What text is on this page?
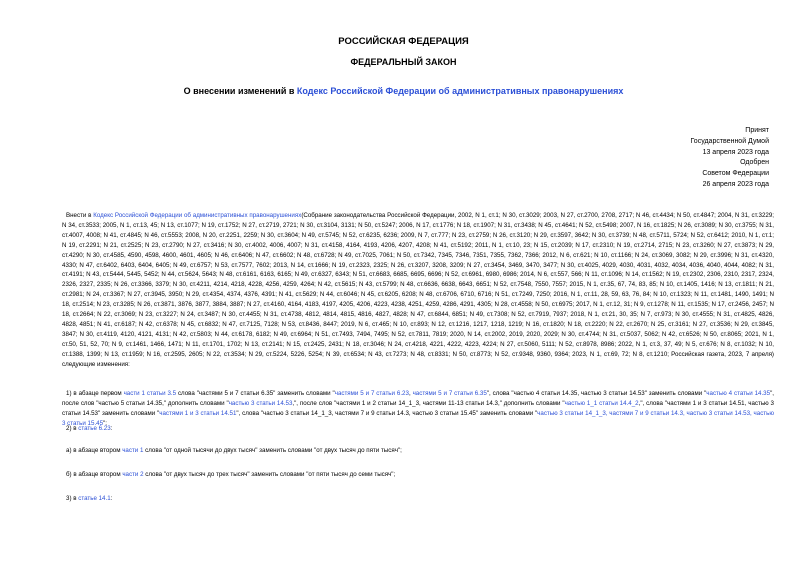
РОССИЙСКАЯ ФЕДЕРАЦИЯ
ФЕДЕРАЛЬНЫЙ ЗАКОН
О внесении изменений в Кодекс Российской Федерации об административных правонарушениях
Принят
Государственной Думой
13 апреля 2023 года
Одобрен
Советом Федерации
26 апреля 2023 года

Внести в Кодекс Российской Федерации об административных правонарушениях(Собрание законодательства Российской Федерации, 2002, N 1, ст.1; N 30, ст.3029; 2003, N 27, ст.2700, 2708, 2717; N 46, ст.4434; N 50, ст.4847; 2004, N 31, ст.3229; N 34, ст.3533; 2005, N 1, ст.13, 45; N 13, ст.1077; N 19, ст.1752; N 27, ст.2719, 2721; N 30, ст.3104, 3131; N 50, ст.5247; 2006, N 17, ст.1776; N 18, ст.1907; N 31, ст.3438; N 45, ст.4641; N 52, ст.5498; 2007, N 16, ст.1825; N 26, ст.3089; N 30, ст.3755; N 31, ст.4007, 4008; N 41, ст.4845; N 46, ст.5553; 2008, N 20, ст.2251, 2259; N 30, ст.3604; N 49, ст.5745; N 52, ст.6235, 6236; 2009, N 7, ст.777; N 23, ст.2759; N 26, ст.3120; N 29, ст.3597, 3642; N 30, ст.3739; N 48, ст.5711, 5724; N 52, ст.6412; 2010, N 1, ст.1; N 19, ст.2291; N 21, ст.2525; N 23, ст.2790; N 27, ст.3416; N 30, ст.4002, 4006, 4007; N 31, ст.4158, 4164, 4193, 4206, 4207, 4208; N 41, ст.5192; 2011, N 1, ст.10, 23; N 15, ст.2039; N 17, ст.2310; N 19, ст.2714, 2715; N 23, ст.3260; N 27, ст.3873; N 29, ст.4290; N 30, ст.4585, 4590, 4598, 4600, 4601, 4605; N 46, ст.6406; N 47, ст.6602; N 48, ст.6728; N 49, ст.7025, 7061; N 50, ст.7342, 7345, 7346, 7351, 7355, 7362, 7366; 2012, N 6, ст.621; N 10, ст.1166; N 24, ст.3069, 3082; N 29, ст.3996; N 31, ст.4320, 4330; N 47, ст.6402, 6403, 6404, 6405; N 49, ст.6757; N 53, ст.7577, 7602; 2013, N 14, ст.1666; N 19, ст.2323, 2325; N 26, ст.3207, 3208, 3209; N 27, ст.3454, 3469, 3470, 3477; N 30, ст.4025, 4029, 4030, 4031, 4032, 4034, 4036, 4040, 4044, 4082; N 31, ст.4191; N 43, ст.5444, 5445, 5452; N 44, ст.5624, 5643; N 48, ст.6161, 6163, 6165; N 49, ст.6327, 6343; N 51, ст.6683, 6685, 6695, 6696; N 52, ст.6961, 6980, 6986; 2014, N 6, ст.557, 566; N 11, ст.1096; N 14, ст.1562; N 19, ст.2302, 2306, 2310, 2317, 2324, 2326, 2327, 2335; N 26, ст.3366, 3379; N 30, ст.4211, 4214, 4218, 4228, 4256, 4259, 4264; N 42, ст.5615; N 43, ст.5799; N 48, ст.6636, 6638, 6643, 6651; N 52, ст.7548, 7550, 7557; 2015, N 1, ст.35, 67, 74, 83, 85; N 10, ст.1405, 1416; N 13, ст.1811; N 21, ст.2981; N 24, ст.3367; N 27, ст.3945, 3950; N 29, ст.4354, 4374, 4376, 4391; N 41, ст.5629; N 44, ст.6046; N 45, ст.6205, 6208; N 48, ст.6706, 6710, 6716; N 51, ст.7249, 7250; 2016, N 1, ст.11, 28, 59, 63, 76, 84; N 10, ст.1323; N 11, ст.1481, 1490, 1491; N 18, ст.2514; N 23, ст.3285; N 26, ст.3871, 3876, 3877, 3884, 3887; N 27, ст.4160, 4164, 4183, 4197, 4205, 4206, 4223, 4238, 4251, 4259, 4286, 4291, 4305; N 28, ст.4558; N 50, ст.6975; 2017, N 1, ст.12, 31; N 9, ст.1278; N 11, ст.1535; N 17, ст.2456, 2457; N 18, ст.2664; N 22, ст.3069; N 23, ст.3227; N 24, ст.3487; N 30, ст.4455; N 31, ст.4738, 4812, 4814, 4815, 4816, 4827, 4828; N 47, ст.6844, 6851; N 49, ст.7308; N 52, ст.7919, 7937; 2018, N 1, ст.21, 30, 35; N 7, ст.973; N 30, ст.4555; N 31, ст.4825, 4826, 4828, 4851; N 41, ст.6187; N 42, ст.6378; N 45, ст.6832; N 47, ст.7125, 7128; N 53, ст.8436, 8447; 2019, N 6, ст.465; N 10, ст.893; N 12, ст.1216, 1217, 1218, 1219; N 16, ст.1820; N 18, ст.2220; N 22, ст.2670; N 25, ст.3161; N 27, ст.3536; N 29, ст.3845, 3847; N 30, ст.4119, 4120, 4121, 4131; N 42, ст.5803; N 44, ст.6178, 6182; N 49, ст.6964; N 51, ст.7493, 7494, 7495; N 52, ст.7811, 7819; 2020, N 14, ст.2002, 2019, 2020, 2029; N 30, ст.4744; N 31, ст.5037, 5062; N 42, ст.6526; N 50, ст.8065; 2021, N 1, ст.50, 51, 52, 70; N 9, ст.1461, 1466, 1471; N 11, ст.1701, 1702; N 13, ст.2141; N 15, ст.2425, 2431; N 18, ст.3046; N 24, ст.4218, 4221, 4222, 4223, 4224; N 27, ст.5060, 5111; N 52, ст.8978, 8986; 2022, N 1, ст.3, 37, 49; N 5, ст.676; N 8, ст.1032; N 10, ст.1388, 1399; N 13, ст.1959; N 16, ст.2595, 2605; N 22, ст.3534; N 29, ст.5224, 5226, 5254; N 39, ст.6534; N 43, ст.7273; N 48, ст.8331; N 50, ст.8773; N 52, ст.9348, 9360, 9364; 2023, N 1, ст.69, 72; N 8, ст.1210; Российская газета, 2023, 7 апреля) следующие изменения:

1) в абзаце первом части 1 статьи 3.5 слова "частями 5 и 7 статьи 6.35" заменить словами "частями 5 и 7 статьи 6.23, частями 5 и 7 статьи 6.35", слова "частью 4 статьи 14.35, частью 3 статьи 14.53" заменить словами "частью 4 статьи 14.35", после слов "частью 5 статьи 14.35," дополнить словами "частью 3 статьи 14.53,", после слов "частями 1 и 2 статьи 14_1_3, частями 11-13 статьи 14.3," дополнить словами "частью 1_1 статьи 14.4_2,", слова "частями 1 и 3 статьи 14.51, частью 3 статьи 14.53" заменить словами "частями 1 и 3 статьи 14.51", слова "частью 3 статьи 14_1_3, частями 7 и 9 статьи 14.3, частью 3 статьи 15.45" заменить словами "частью 3 статьи 14_1_3, частями 7 и 9 статьи 14.3, частью 3 статьи 14.53, частью 3 статьи 15.45";

2) в статье 6.23:

а) в абзаце втором части 1 слова "от одной тысячи до двух тысяч" заменить словами "от двух тысяч до пяти тысяч";

б) в абзаце втором части 2 слова "от двух тысяч до трех тысяч" заменить словами "от пяти тысяч до семи тысяч";

3) в статье 14.1:
